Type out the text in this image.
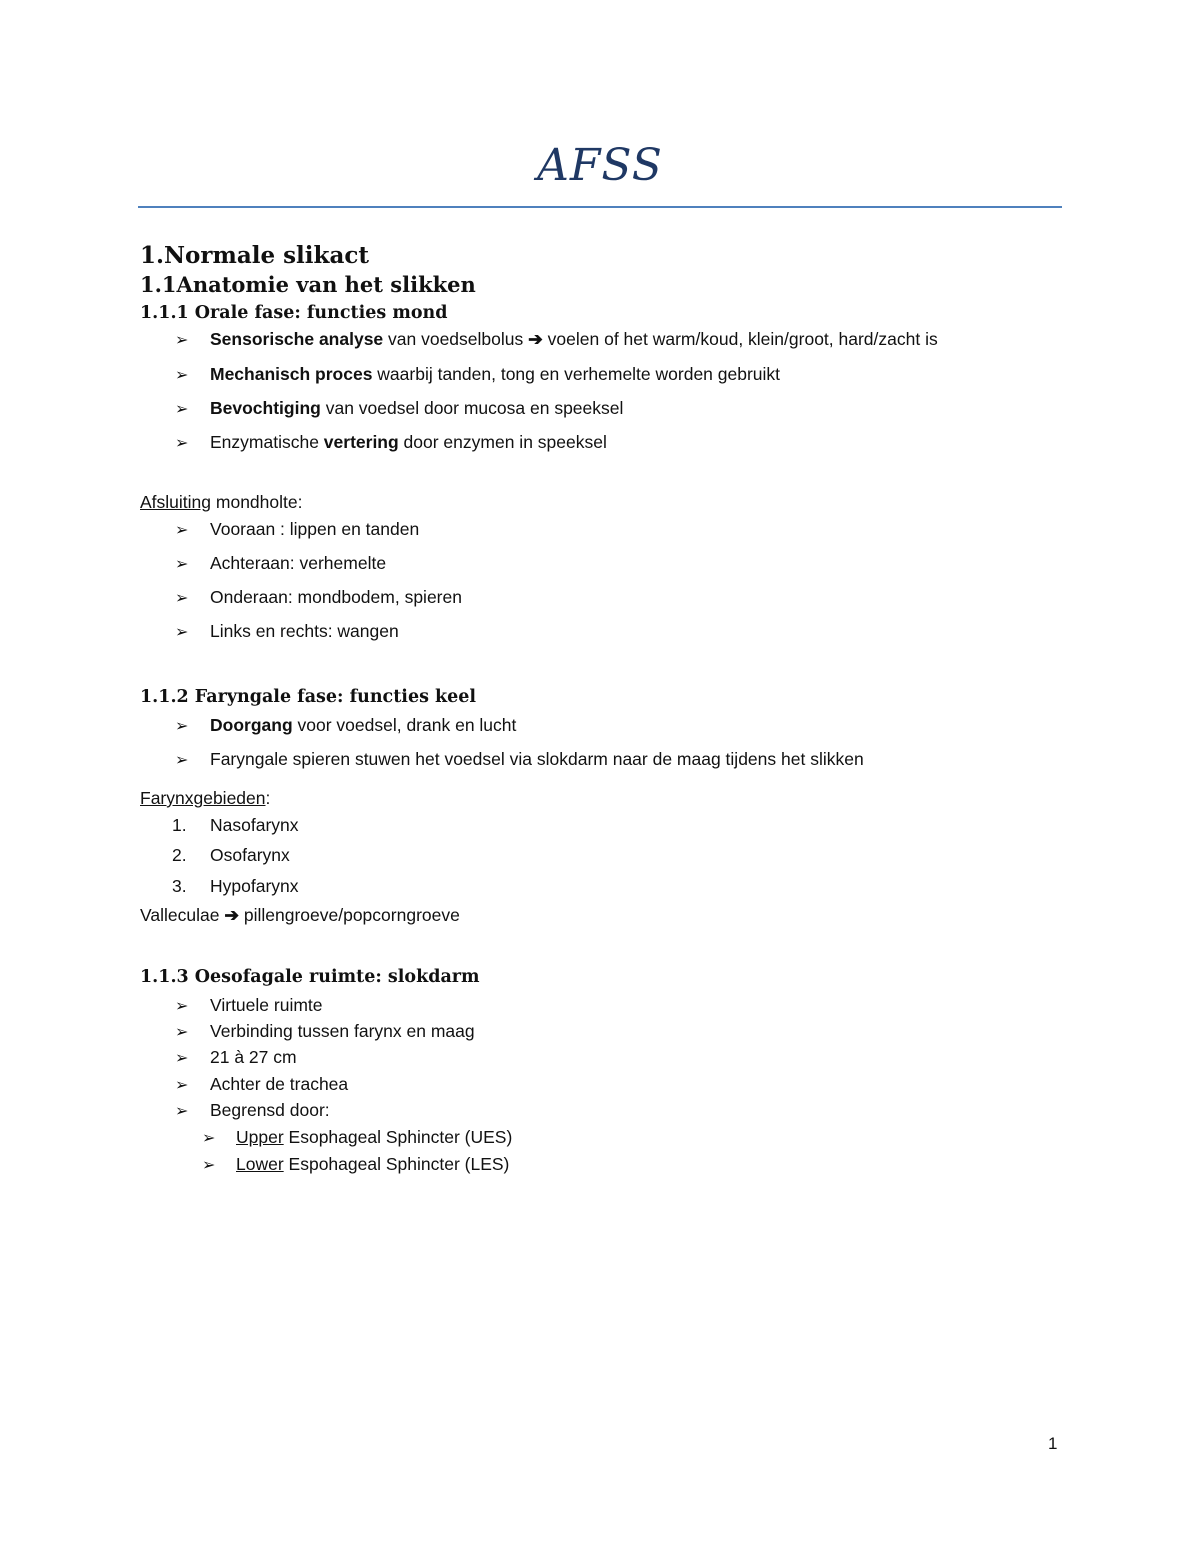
AFSS
1.Normale slikact
1.1Anatomie van het slikken
1.1.1 Orale fase: functies mond
➢	Sensorische analyse van voedselbolus ➔ voelen of het warm/koud, klein/groot, hard/zacht is
➢	Mechanisch proces waarbij tanden, tong en verhemelte worden gebruikt
➢	Bevochtiging van voedsel door mucosa en speeksel
➢	Enzymatische vertering door enzymen in speeksel
Afsluiting mondholte:
➢	Vooraan : lippen en tanden
➢	Achteraan: verhemelte
➢	Onderaan: mondbodem, spieren
➢	Links en rechts: wangen
1.1.2 Faryngale fase: functies keel
➢	Doorgang voor voedsel, drank en lucht
➢	Faryngale spieren stuwen het voedsel via slokdarm naar de maag tijdens het slikken
Farynxgebieden:
1. Nasofarynx
2. Osofarynx
3. Hypofarynx
Valleculae ➔ pillengroeve/popcorngroeve
1.1.3 Oesofagale ruimte: slokdarm
➢	Virtuele ruimte
➢	Verbinding tussen farynx en maag
➢	21 à 27 cm
➢	Achter de trachea
➢	Begrensd door:
➢	Upper Esophageal Sphincter (UES)
➢	Lower Espohageal Sphincter (LES)
1
